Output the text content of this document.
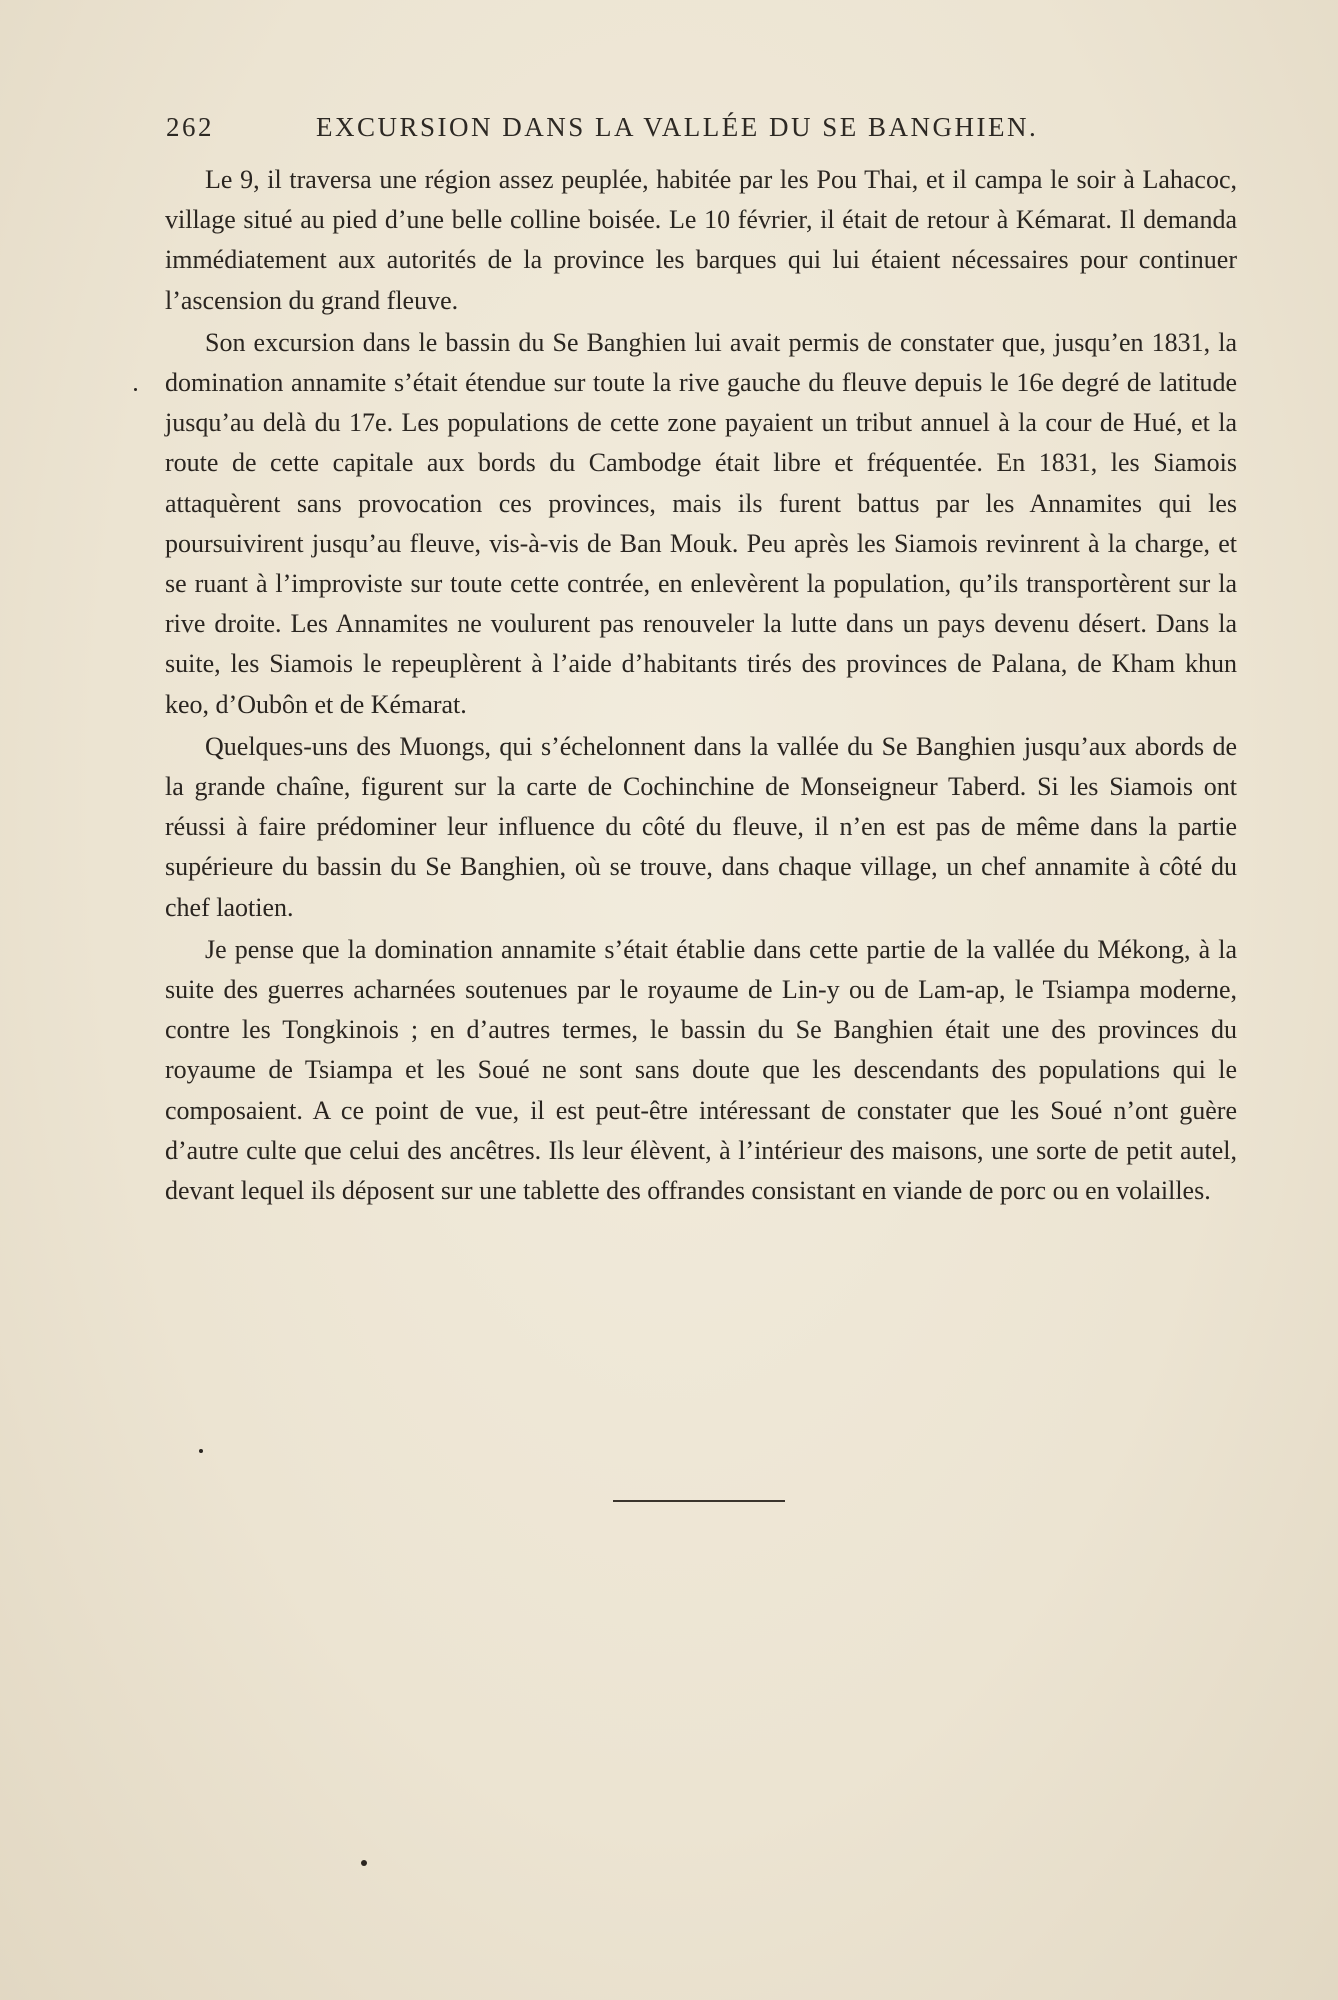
262	EXCURSION DANS LA VALLÉE DU SE BANGHIEN.

Le 9, il traversa une région assez peuplée, habitée par les Pou Thai, et il campa le soir à Lahacoc, village situé au pied d’une belle colline boisée. Le 10 février, il était de retour à Kémarat. Il demanda immédiatement aux autorités de la province les barques qui lui étaient nécessaires pour continuer l’ascension du grand fleuve.

Son excursion dans le bassin du Se Banghien lui avait permis de constater que, jusqu’en 1831, la domination annamite s’était étendue sur toute la rive gauche du fleuve depuis le 16e degré de latitude jusqu’au delà du 17e. Les populations de cette zone payaient un tribut annuel à la cour de Hué, et la route de cette capitale aux bords du Cambodge était libre et fréquentée. En 1831, les Siamois attaquèrent sans provocation ces provinces, mais ils furent battus par les Annamites qui les poursuivirent jusqu’au fleuve, vis-à-vis de Ban Mouk. Peu après les Siamois revinrent à la charge, et se ruant à l’improviste sur toute cette contrée, en enlevèrent la population, qu’ils transportèrent sur la rive droite. Les Annamites ne voulurent pas renouveler la lutte dans un pays devenu désert. Dans la suite, les Siamois le repeuplèrent à l’aide d’habitants tirés des provinces de Palana, de Kham khun keo, d’Oubôn et de Kémarat.

Quelques-uns des Muongs, qui s’échelonnent dans la vallée du Se Banghien jusqu’aux abords de la grande chaîne, figurent sur la carte de Cochinchine de Monseigneur Taberd. Si les Siamois ont réussi à faire prédominer leur influence du côté du fleuve, il n’en est pas de même dans la partie supérieure du bassin du Se Banghien, où se trouve, dans chaque village, un chef annamite à côté du chef laotien.

Je pense que la domination annamite s’était établie dans cette partie de la vallée du Mékong, à la suite des guerres acharnées soutenues par le royaume de Lin-y ou de Lam-ap, le Tsiampa moderne, contre les Tongkinois ; en d’autres termes, le bassin du Se Banghien était une des provinces du royaume de Tsiampa et les Soué ne sont sans doute que les descendants des populations qui le composaient. A ce point de vue, il est peut-être intéressant de constater que les Soué n’ont guère d’autre culte que celui des ancêtres. Ils leur élèvent, à l’intérieur des maisons, une sorte de petit autel, devant lequel ils déposent sur une tablette des offrandes consistant en viande de porc ou en volailles.
